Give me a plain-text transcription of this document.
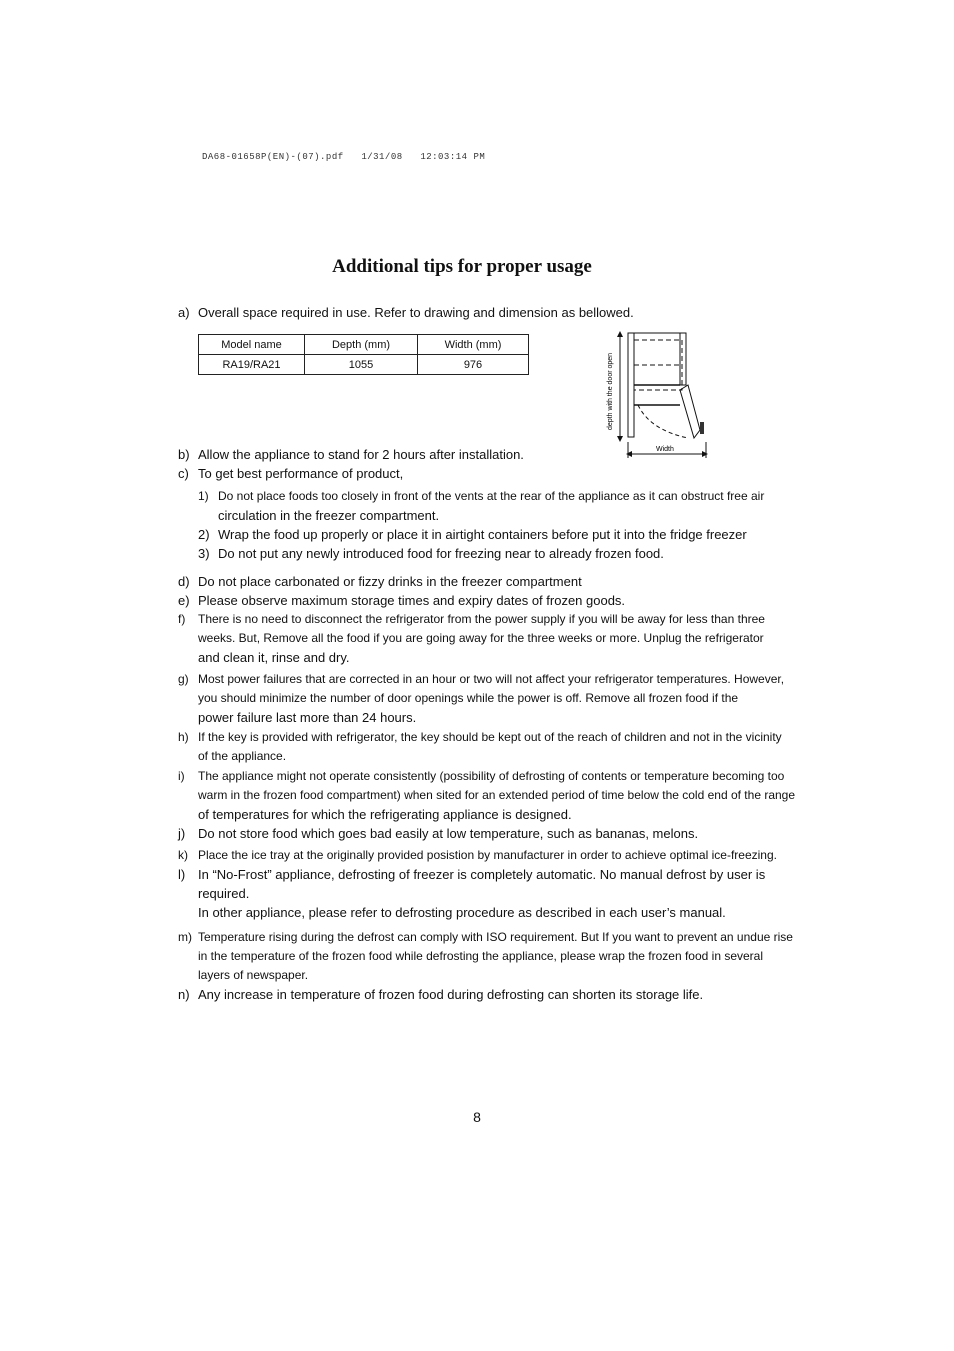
DA68-01658P(EN)-(07).pdf   1/31/08   12:03:14 PM
Additional tips for proper usage
a) Overall space required in use. Refer to drawing and dimension as bellowed.
Model name	Depth (mm)	Width (mm)
RA19/RA21	1055	976	depth with the door open
Width
b) Allow the appliance to stand for 2 hours after installation.
c) To get best performance of product,
1) Do not place foods too closely in front of the vents at the rear of the appliance as it can obstruct free air
circulation in the freezer compartment.
2) Wrap the food up properly or place it in airtight containers before put it into the fridge freezer
3) Do not put any newly introduced food for freezing near to already frozen food.
d) Do not place carbonated or fizzy drinks in the freezer compartment
e) Please observe maximum storage times and expiry dates of frozen goods.
f) There is no need to disconnect the refrigerator from the power supply if you will be away for less than three
weeks. But, Remove all the food if you are going away for the three weeks or more. Unplug the refrigerator
and clean it, rinse and dry.
g) Most power failures that are corrected in an hour or two will not affect your refrigerator temperatures. However,
you should minimize the number of door openings while the power is off. Remove all frozen food if the
power failure last more than 24 hours.
h) If the key is provided with refrigerator, the key should be kept out of the reach of children and not in the vicinity
of the appliance.
i) The appliance might not operate consistently (possibility of defrosting of contents or temperature becoming too
warm in the frozen food compartment) when sited for an extended period of time below the cold end of the range
of temperatures for which the refrigerating appliance is designed.
j) Do not store food which goes bad easily at low temperature, such as bananas, melons.
k) Place the ice tray at the originally provided posistion by manufacturer in order to achieve optimal ice-freezing.
l) In “No-Frost” appliance, defrosting of freezer is completely automatic. No manual defrost by user is
required.
In other appliance, please refer to defrosting procedure as described in each user’s manual.
m) Temperature rising during the defrost can comply with ISO requirement. But If you want to prevent an undue rise
in the temperature of the frozen food while defrosting the appliance, please wrap the frozen food in several
layers of newspaper.
n) Any increase in temperature of frozen food during defrosting can shorten its storage life.
8
